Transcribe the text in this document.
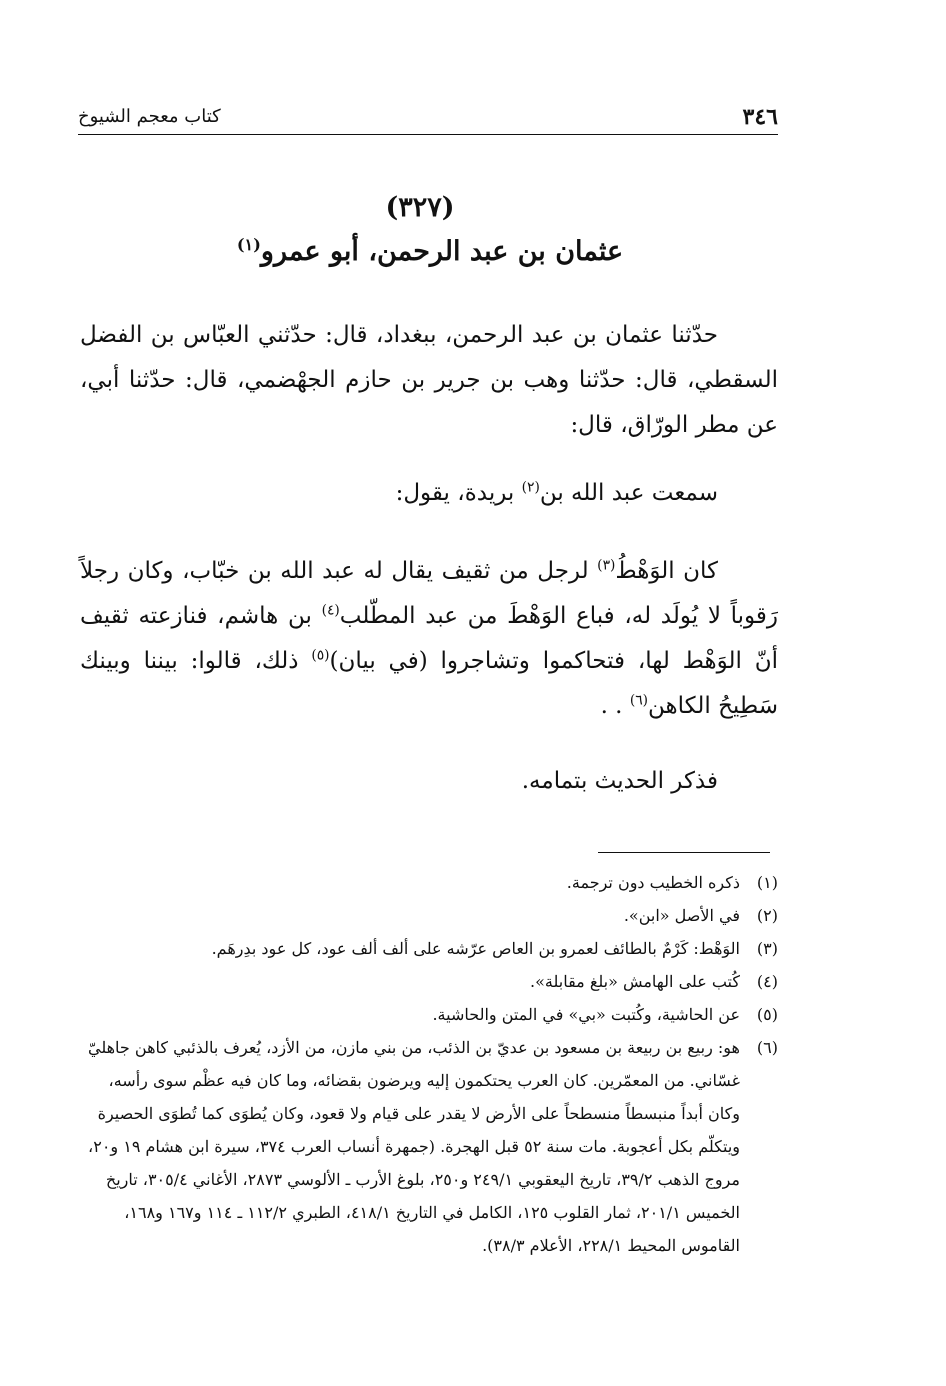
٣٤٦
كتاب معجم الشيوخ
(٣٢٧)
عثمان بن عبد الرحمن، أبو عمرو$^{(١)}$

حدّثنا عثمان بن عبد الرحمن، ببغداد، قال: حدّثني العبّاس بن الفضل السقطي، قال: حدّثنا وهب بن جرير بن حازم الجهْضمي، قال: حدّثنا أبي، عن مطر الورّاق، قال:

سمعت عبد الله بن$^{(٢)}$ بريدة، يقول:

كان الوَهْطُ$^{(٣)}$ لرجل من ثقيف يقال له عبد الله بن خبّاب، وكان رجلاً رَقوباً لا يُولَد له، فباع الوَهْطَ من عبد المطّلب$^{(٤)}$ بن هاشم، فنازعته ثقيف أنّ الوَهْط لها، فتحاكموا وتشاجروا (في بيان)$^{(٥)}$ ذلك، قالوا: بيننا وبينك سَطِيحُ الكاهن$^{(٦)}$ . .

فذكر الحديث بتمامه.

(١)
ذكره الخطيب دون ترجمة.
(٢)
في الأصل «ابن».
(٣)
الوَهْط: كَرْمٌ بالطائف لعمرو بن العاص عرّشه على ألف ألف عود، كل عود بدِرهَم.
(٤)
كُتب على الهامش «بلغ مقابلة».
(٥)
عن الحاشية، وكُتبت «بي» في المتن والحاشية.
(٦)
هو: ربيع بن ربيعة بن مسعود بن عديّ بن الذئب، من بني مازن، من الأزد، يُعرف بالذئبي كاهن جاهليّ غسّاني. من المعمّرين. كان العرب يحتكمون إليه ويرضون بقضائه، وما كان فيه عظْم سوى رأسه، وكان أبداً منبسطاً منسطحاً على الأرض لا يقدر على قيام ولا قعود، وكان يُطوَى كما تُطوَى الحصيرة ويتكلّم بكل أعجوبة. مات سنة ٥٢ قبل الهجرة. (جمهرة أنساب العرب ٣٧٤، سيرة ابن هشام ١٩ و٢٠، مروج الذهب ٣٩/٢، تاريخ اليعقوبي ٢٤٩/١ و٢٥٠، بلوغ الأرب ـ الألوسي ٢٨٧٣، الأغاني ٣٠٥/٤، تاريخ الخميس ٢٠١/١، ثمار القلوب ١٢٥، الكامل في التاريخ ٤١٨/١، الطبري ١١٢/٢ ـ ١١٤ و١٦٧ و١٦٨، القاموس المحيط ٢٢٨/١، الأعلام ٣٨/٣).
